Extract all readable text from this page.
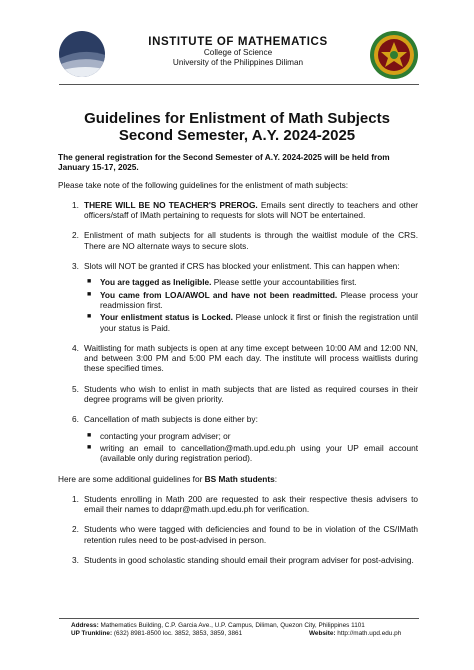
INSTITUTE OF MATHEMATICS
College of Science
University of the Philippines Diliman
Guidelines for Enlistment of Math Subjects
Second Semester, A.Y. 2024-2025

The general registration for the Second Semester of A.Y. 2024-2025 will be held from January 15-17, 2025.

Please take note of the following guidelines for the enlistment of math subjects:

1. THERE WILL BE NO TEACHER'S PREROG. Emails sent directly to teachers and other officers/staff of IMath pertaining to requests for slots will NOT be entertained.
2. Enlistment of math subjects for all students is through the waitlist module of the CRS. There are NO alternate ways to secure slots.
3. Slots will NOT be granted if CRS has blocked your enlistment. This can happen when:
■ You are tagged as Ineligible. Please settle your accountabilities first.
■ You came from LOA/AWOL and have not been readmitted. Please process your readmission first.
■ Your enlistment status is Locked. Please unlock it first or finish the registration until your status is Paid.
4. Waitlisting for math subjects is open at any time except between 10:00 AM and 12:00 NN, and between 3:00 PM and 5:00 PM each day. The institute will process waitlists during these specified times.
5. Students who wish to enlist in math subjects that are listed as required courses in their degree programs will be given priority.
6. Cancellation of math subjects is done either by:
■ contacting your program adviser; or
■ writing an email to cancellation@math.upd.edu.ph using your UP email account (available only during registration period).

Here are some additional guidelines for BS Math students:

1. Students enrolling in Math 200 are requested to ask their respective thesis advisers to email their names to ddapr@math.upd.edu.ph for verification.
2. Students who were tagged with deficiencies and found to be in violation of the CS/IMath retention rules need to be post-advised in person.
3. Students in good scholastic standing should email their program adviser for post-advising.
Address: Mathematics Building, C.P. Garcia Ave., U.P. Campus, Diliman, Quezon City, Philippines 1101
UP Trunkline: (632) 8981-8500 loc. 3852, 3853, 3859, 3861	Website: http://math.upd.edu.ph
